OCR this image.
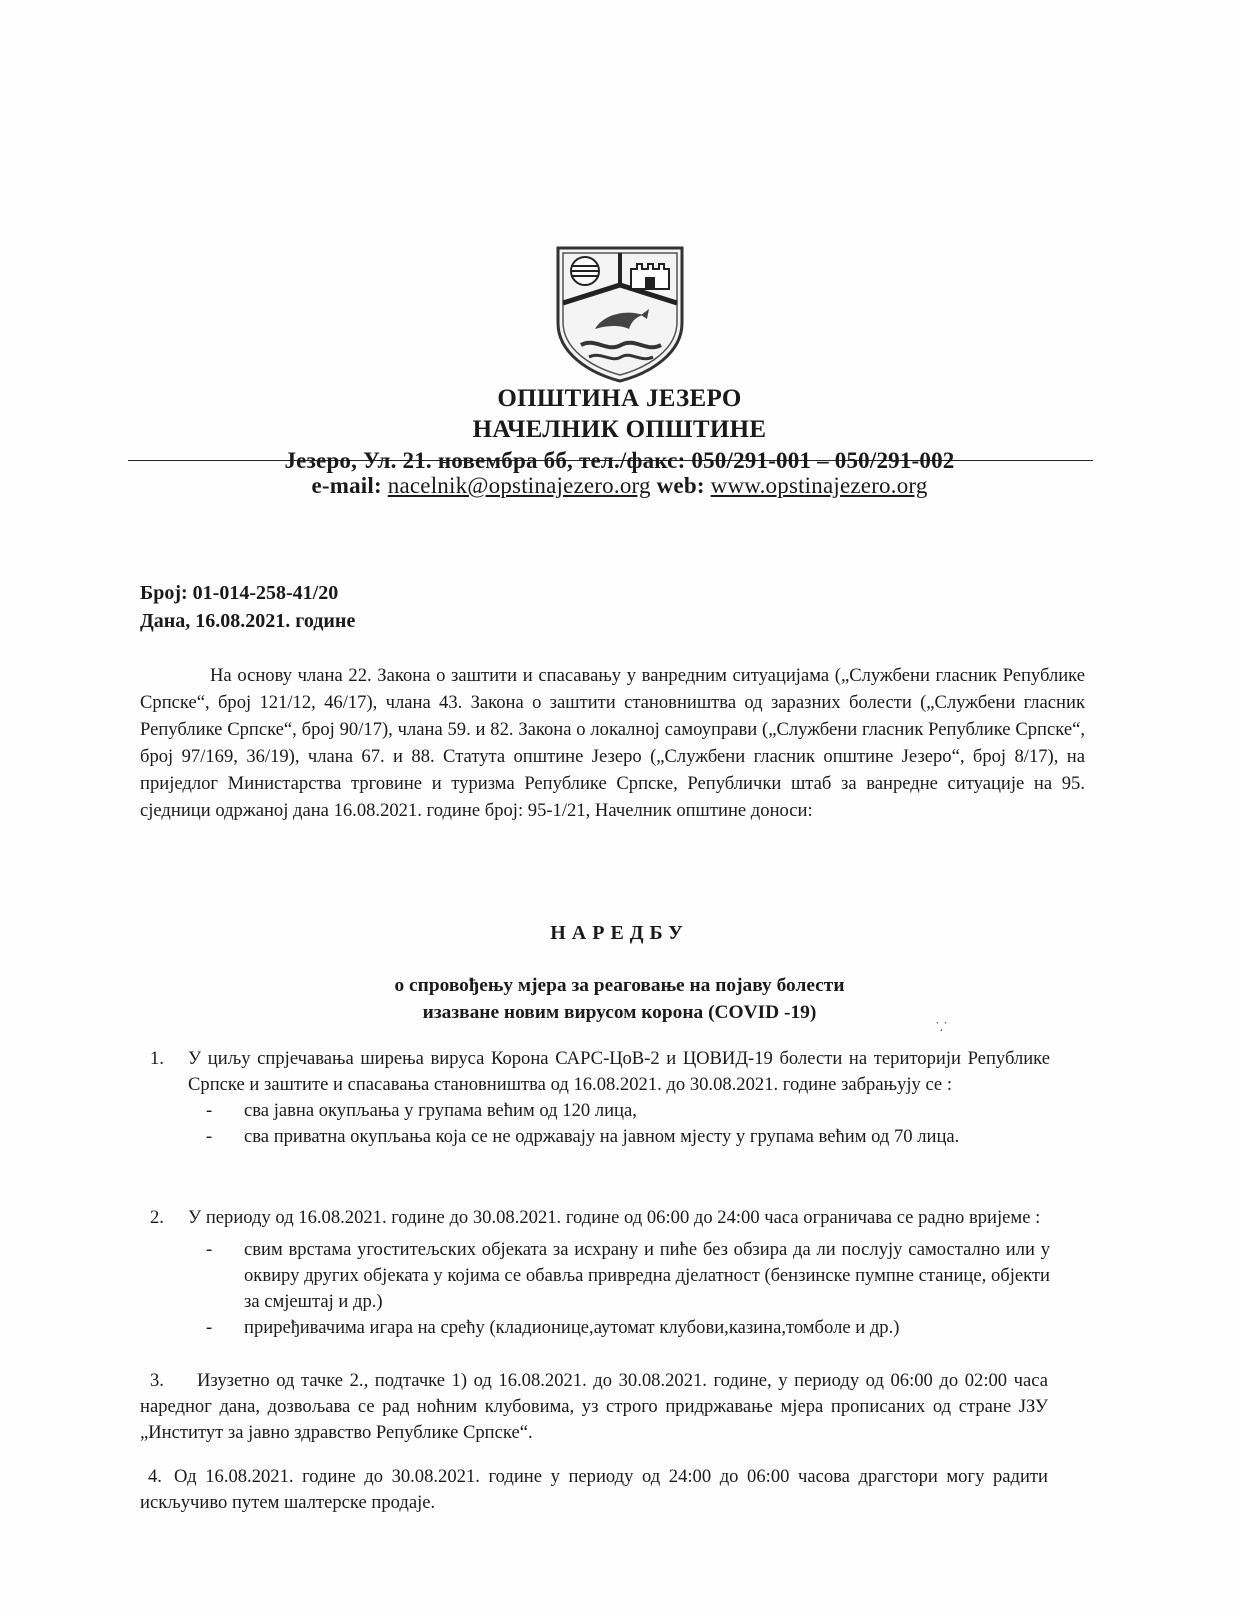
ОПШТИНА ЈЕЗЕРО
НАЧЕЛНИК ОПШТИНЕ
Језеро, Ул. 21. новембра бб, тел./факс: 050/291-001 – 050/291-002
e-mail: nacelnik@opstinajezero.org web: www.opstinajezero.org
Број: 01-014-258-41/20
Дана, 16.08.2021. године
На основу члана 22. Закона о заштити и спасавању у ванредним ситуацијама („Службени гласник Републике Српске“, број 121/12, 46/17), члана 43. Закона о заштити становништва од заразних болести („Службени гласник Републике Српске“, број 90/17), члана 59. и 82. Закона о локалној самоуправи („Службени гласник Републике Српске“, број 97/169, 36/19), члана 67. и 88. Статута општине Језеро („Службени гласник општине Језеро“, број 8/17), на приједлог Министарства трговине и туризма Републике Српске, Републички штаб за ванредне ситуације на 95. сједници одржаној дана 16.08.2021. године број: 95-1/21, Начелник општине доноси:
НАРЕДБУ
о спровођењу мјера за реаговање на појаву болести
изазване новим вирусом корона (COVID -19)
˙.˙
1. У циљу спрјечавања ширења вируса Корона САРС-ЦоВ-2 и ЦОВИД-19 болести на територији Републике Српске и заштите и спасавања становништва од 16.08.2021. до 30.08.2021. године забрањују се :
- сва јавна окупљања у групама већим од 120 лица,
- сва приватна окупљања која се не одржавају на јавном мјесту у групама већим од 70 лица.
2. У периоду од 16.08.2021. године до 30.08.2021. године од 06:00 до 24:00 часа ограничава се радно вријеме :
- свим врстама угоститељских објеката за исхрану и пиће без обзира да ли послују самостално или у оквиру других објеката у којима се обавља привредна дјелатност (бензинске пумпне станице, објекти за смјештај и др.)
- приређивачима игара на срећу (кладионице,аутомат клубови,казина,томболе и др.)
3. Изузетно од тачке 2., подтачке 1) од 16.08.2021. до 30.08.2021. године, у периоду од 06:00 до 02:00 часа наредног дана, дозвољава се рад ноћним клубовима, уз строго придржавање мјера прописаних од стране ЈЗУ „Институт за јавно здравство Републике Српске“.
4. Од 16.08.2021. године до 30.08.2021. године у периоду од 24:00 до 06:00 часова драгстори могу радити искључиво путем шалтерске продаје.
